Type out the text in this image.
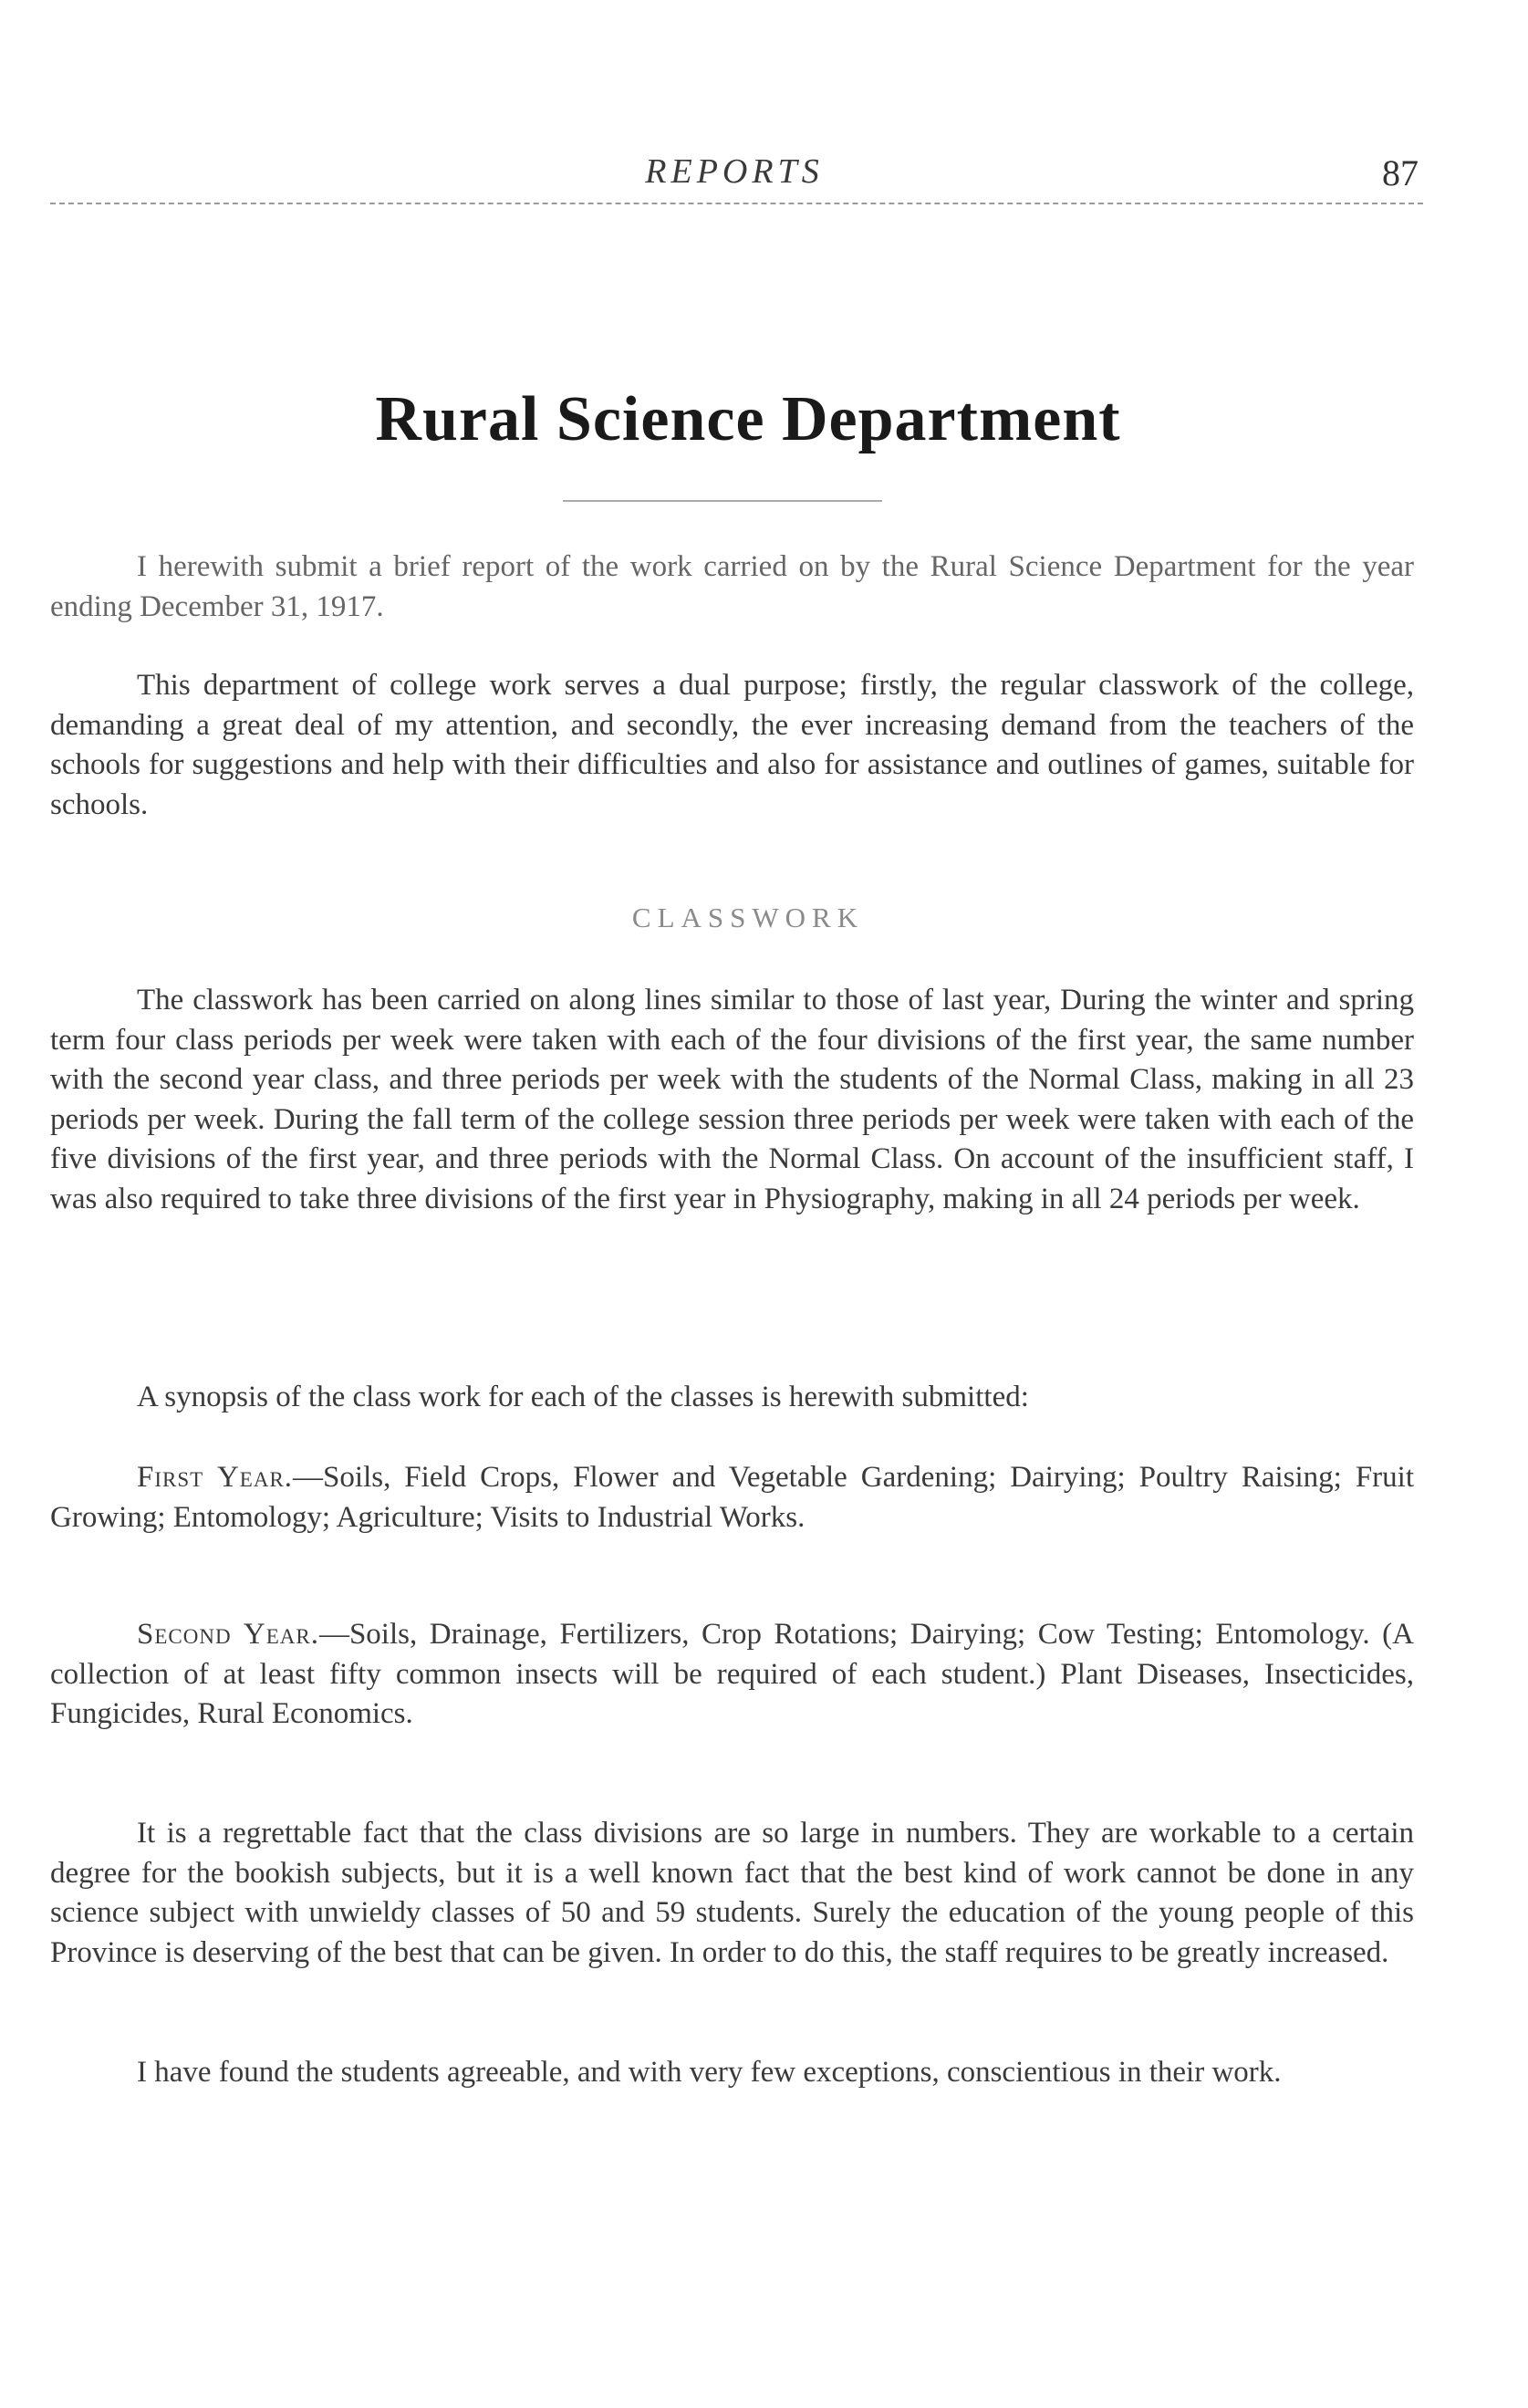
REPORTS	87
Rural Science Department

I herewith submit a brief report of the work carried on by the Rural Science Department for the year ending December 31, 1917.

This department of college work serves a dual purpose; firstly, the regular classwork of the college, demanding a great deal of my attention, and secondly, the ever increasing demand from the teachers of the schools for suggestions and help with their difficulties and also for assistance and outlines of games, suitable for schools.

CLASSWORK

The classwork has been carried on along lines similar to those of last year, During the winter and spring term four class periods per week were taken with each of the four divisions of the first year, the same number with the second year class, and three periods per week with the students of the Normal Class, making in all 23 periods per week. During the fall term of the college session three periods per week were taken with each of the five divisions of the first year, and three periods with the Normal Class. On account of the insufficient staff, I was also required to take three divisions of the first year in Physiography, making in all 24 periods per week.

A synopsis of the class work for each of the classes is herewith submitted:

First Year.—Soils, Field Crops, Flower and Vegetable Gardening; Dairying; Poultry Raising; Fruit Growing; Entomology; Agriculture; Visits to Industrial Works.

Second Year.—Soils, Drainage, Fertilizers, Crop Rotations; Dairying; Cow Testing; Entomology. (A collection of at least fifty common insects will be required of each student.) Plant Diseases, Insecticides, Fungicides, Rural Economics.

It is a regrettable fact that the class divisions are so large in numbers. They are workable to a certain degree for the bookish subjects, but it is a well known fact that the best kind of work cannot be done in any science subject with unwieldy classes of 50 and 59 students. Surely the education of the young people of this Province is deserving of the best that can be given. In order to do this, the staff requires to be greatly increased.

I have found the students agreeable, and with very few exceptions, conscientious in their work.
